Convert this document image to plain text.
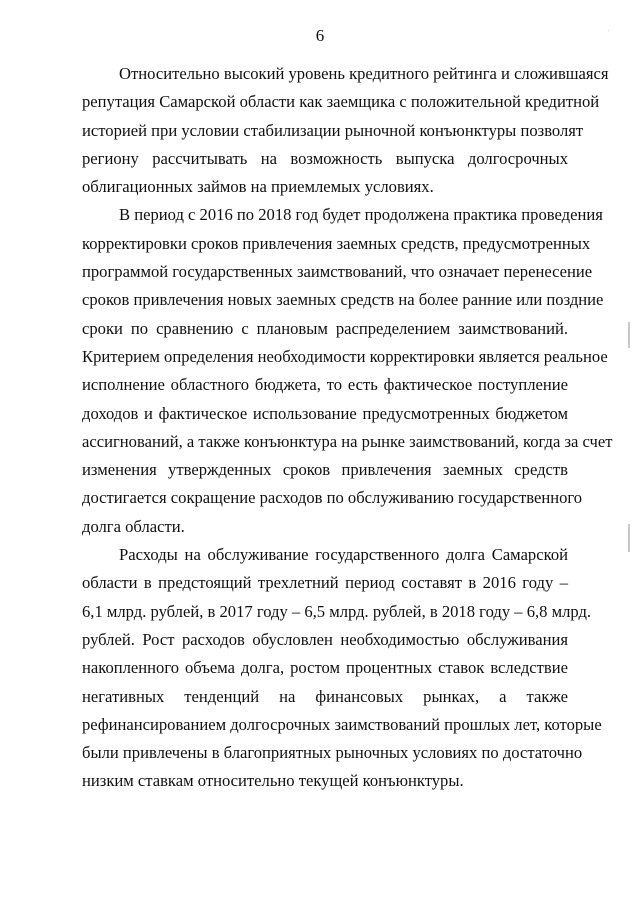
6

Относительно высокий уровень кредитного рейтинга и сложившаяся
репутация Самарской области как заемщика с положительной кредитной
историей при условии стабилизации рыночной конъюнктуры позволят
региону рассчитывать на возможность выпуска долгосрочных
облигационных займов на приемлемых условиях.

В период с 2016 по 2018 год будет продолжена практика проведения
корректировки сроков привлечения заемных средств, предусмотренных
программой государственных заимствований, что означает перенесение
сроков привлечения новых заемных средств на более ранние или поздние
сроки по сравнению с плановым распределением заимствований.
Критерием определения необходимости корректировки является реальное
исполнение областного бюджета, то есть фактическое поступление
доходов и фактическое использование предусмотренных бюджетом
ассигнований, а также конъюнктура на рынке заимствований, когда за счет
изменения утвержденных сроков привлечения заемных средств
достигается сокращение расходов по обслуживанию государственного
долга области.

Расходы на обслуживание государственного долга Самарской
области в предстоящий трехлетний период составят в 2016 году –
6,1 млрд. рублей, в 2017 году – 6,5 млрд. рублей, в 2018 году – 6,8 млрд.
рублей. Рост расходов обусловлен необходимостью обслуживания
накопленного объема долга, ростом процентных ставок вследствие
негативных тенденций на финансовых рынках, а также
рефинансированием долгосрочных заимствований прошлых лет, которые
были привлечены в благоприятных рыночных условиях по достаточно
низким ставкам относительно текущей конъюнктуры.
